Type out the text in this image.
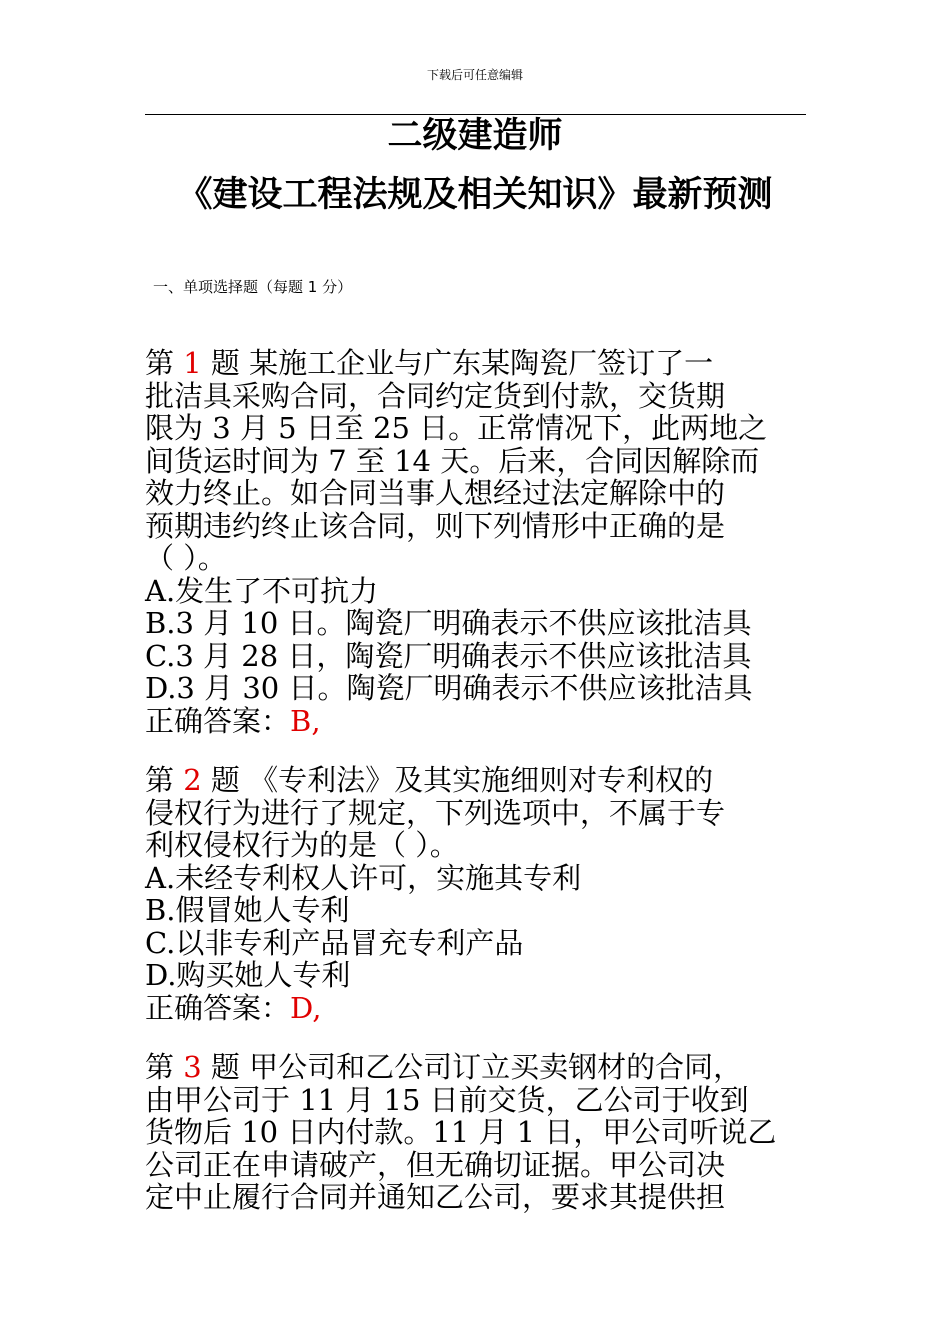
下载后可任意编辑
二级建造师
《建设工程法规及相关知识》最新预测
一、单项选择题（每题 1 分）
第 1 题 某施工企业与广东某陶瓷厂签订了一
批洁具采购合同，合同约定货到付款，交货期
限为 3 月 5 日至 25 日。正常情况下，此两地之
间货运时间为 7 至 14 天。后来，合同因解除而
效力终止。如合同当事人想经过法定解除中的
预期违约终止该合同，则下列情形中正确的是
（ ）。
A.发生了不可抗力
B.3 月 10 日。陶瓷厂明确表示不供应该批洁具
C.3 月 28 日，陶瓷厂明确表示不供应该批洁具
D.3 月 30 日。陶瓷厂明确表示不供应该批洁具
正确答案：B,
第 2 题 《专利法》及其实施细则对专利权的
侵权行为进行了规定，下列选项中，不属于专
利权侵权行为的是（ ）。
A.未经专利权人许可，实施其专利
B.假冒她人专利
C.以非专利产品冒充专利产品
D.购买她人专利
正确答案：D,
第 3 题 甲公司和乙公司订立买卖钢材的合同，
由甲公司于 11 月 15 日前交货，乙公司于收到
货物后 10 日内付款。11 月 1 日，甲公司听说乙
公司正在申请破产，但无确切证据。甲公司决
定中止履行合同并通知乙公司，要求其提供担
